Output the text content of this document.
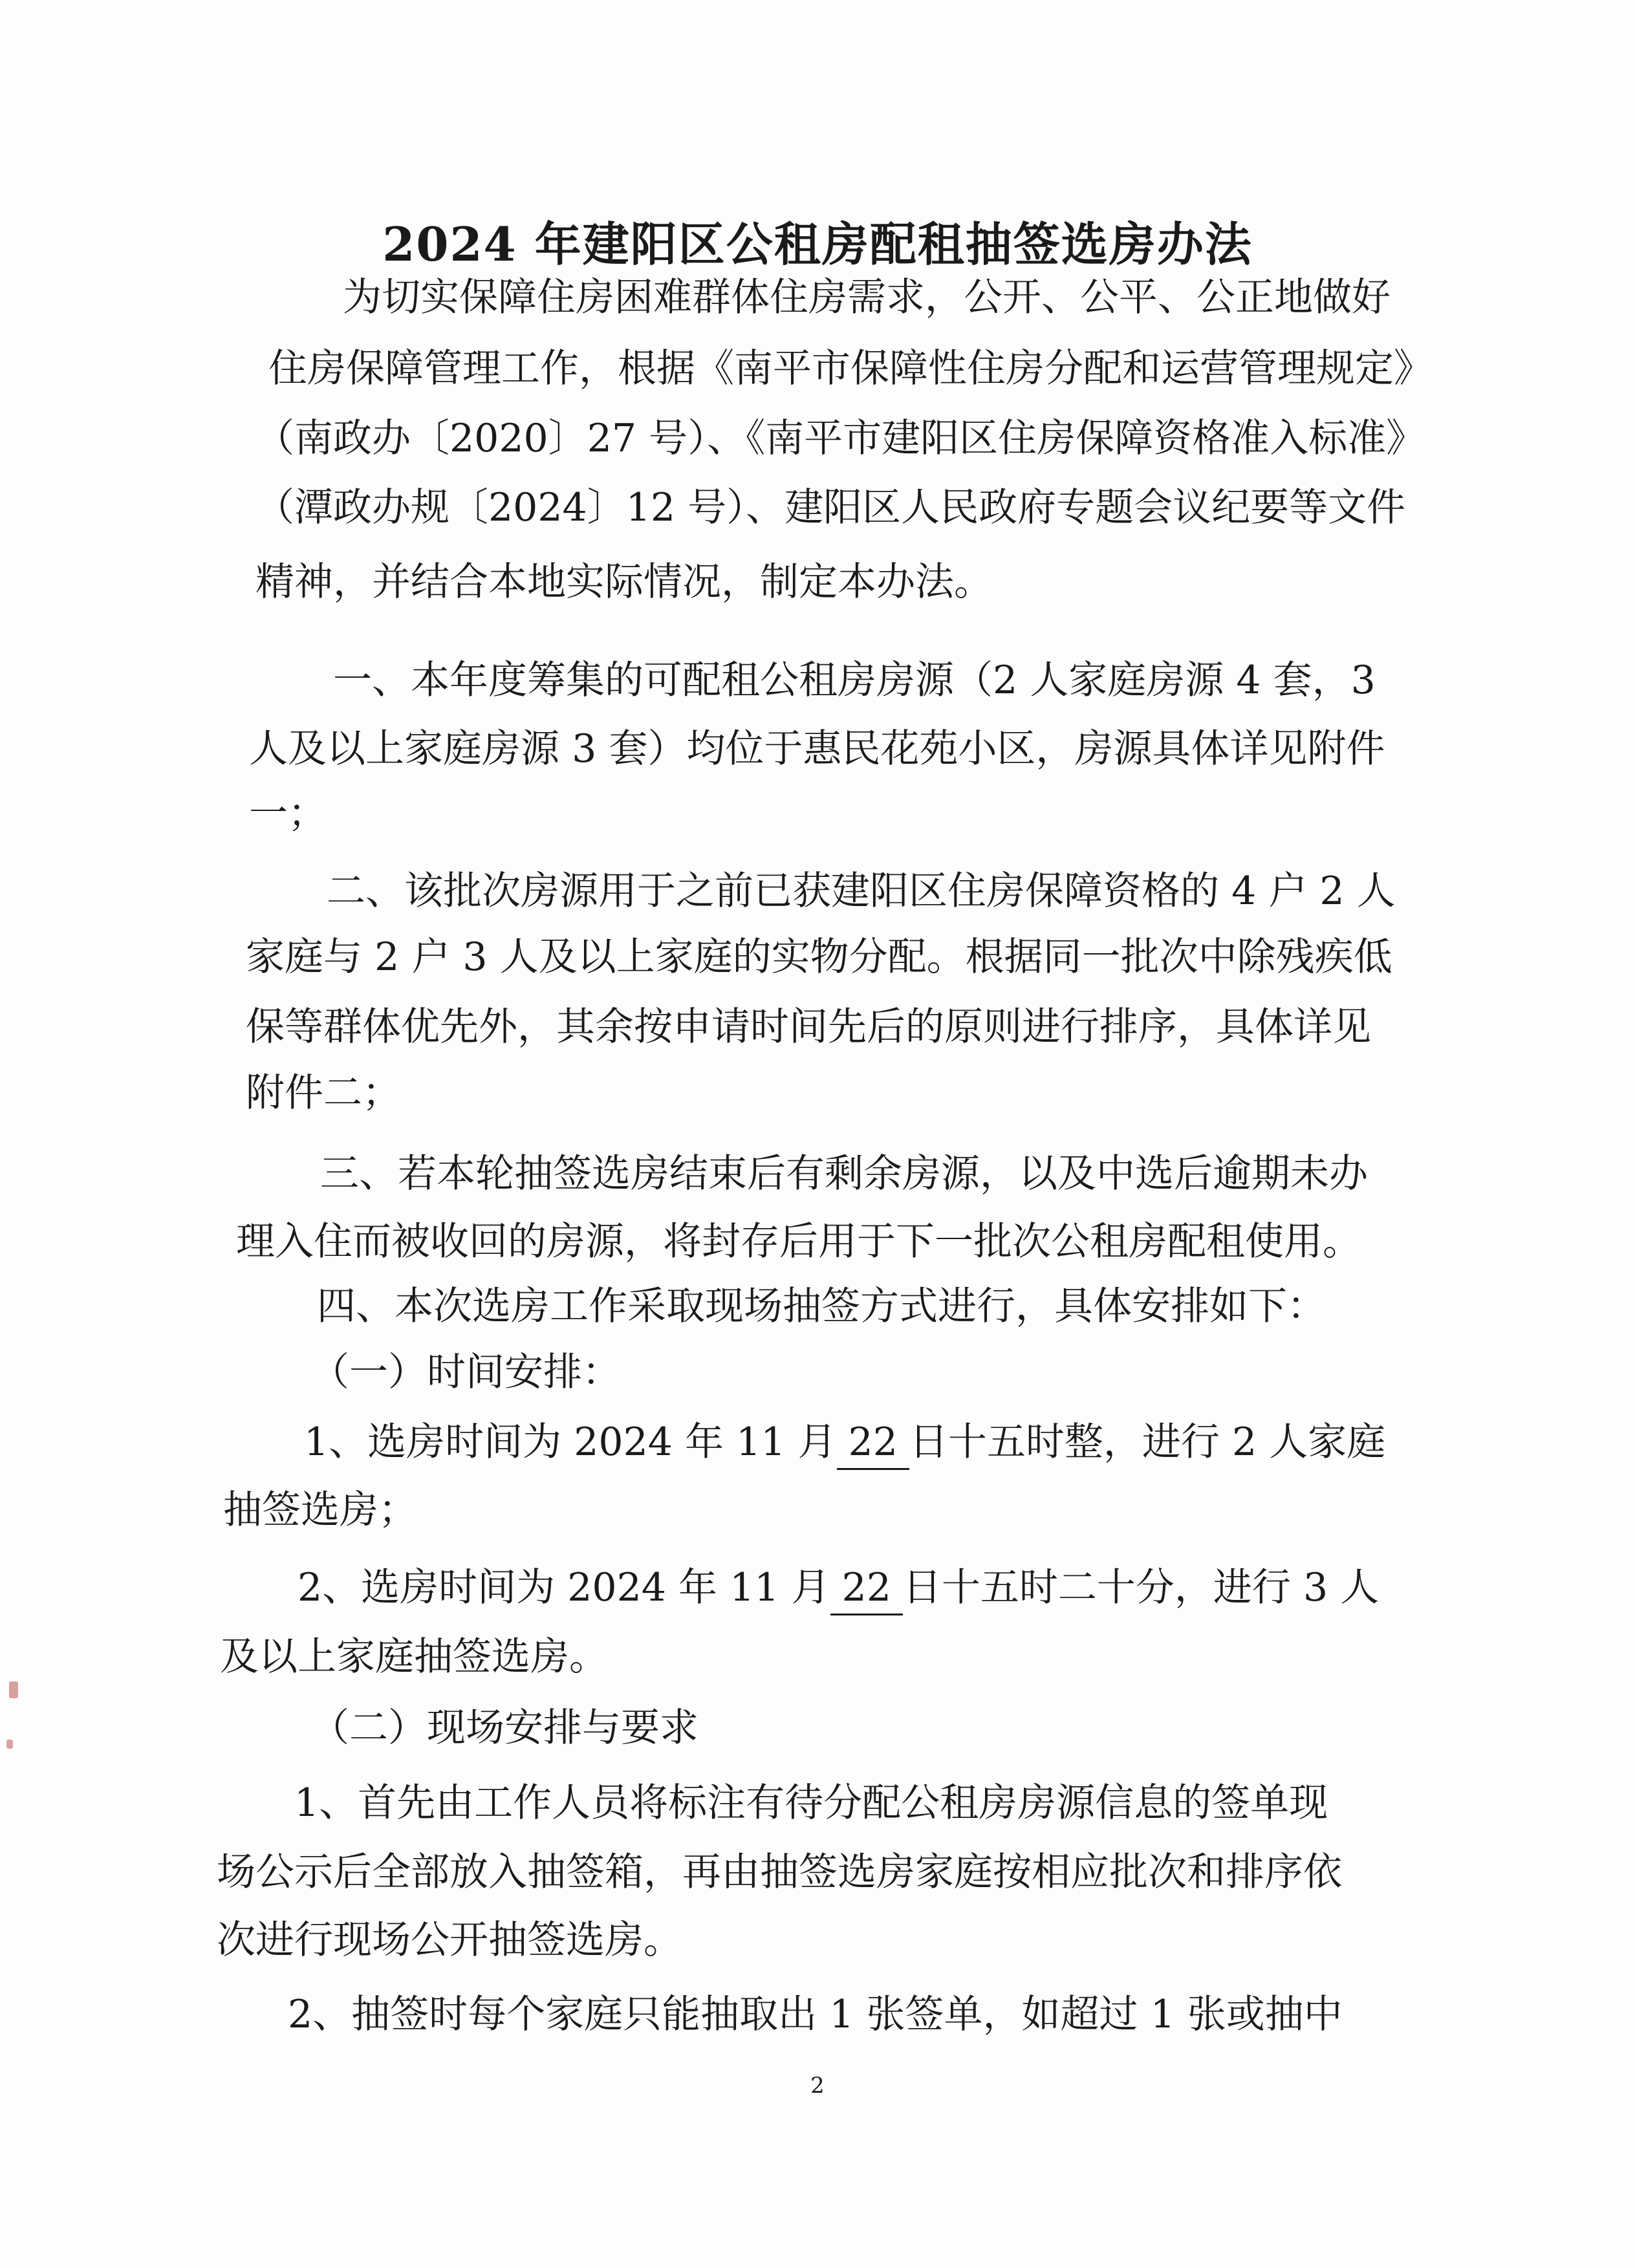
2024 年建阳区公租房配租抽签选房办法
为切实保障住房困难群体住房需求，公开、公平、公正地做好
住房保障管理工作，根据《南平市保障性住房分配和运营管理规定》
（南政办〔2020〕27 号）、《南平市建阳区住房保障资格准入标准》
（潭政办规〔2024〕12 号）、建阳区人民政府专题会议纪要等文件
精神，并结合本地实际情况，制定本办法。
一、本年度筹集的可配租公租房房源（2 人家庭房源 4 套，3
人及以上家庭房源 3 套）均位于惠民花苑小区，房源具体详见附件
一；
二、该批次房源用于之前已获建阳区住房保障资格的 4 户 2 人
家庭与 2 户 3 人及以上家庭的实物分配。根据同一批次中除残疾低
保等群体优先外，其余按申请时间先后的原则进行排序，具体详见
附件二；
三、若本轮抽签选房结束后有剩余房源，以及中选后逾期未办
理入住而被收回的房源，将封存后用于下一批次公租房配租使用。
四、本次选房工作采取现场抽签方式进行，具体安排如下：
（一）时间安排：
1、选房时间为 2024 年 11 月 22 日十五时整，进行 2 人家庭
抽签选房；
2、选房时间为 2024 年 11 月 22 日十五时二十分，进行 3 人
及以上家庭抽签选房。
（二）现场安排与要求
1、首先由工作人员将标注有待分配公租房房源信息的签单现
场公示后全部放入抽签箱，再由抽签选房家庭按相应批次和排序依
次进行现场公开抽签选房。
2、抽签时每个家庭只能抽取出 1 张签单，如超过 1 张或抽中
2
